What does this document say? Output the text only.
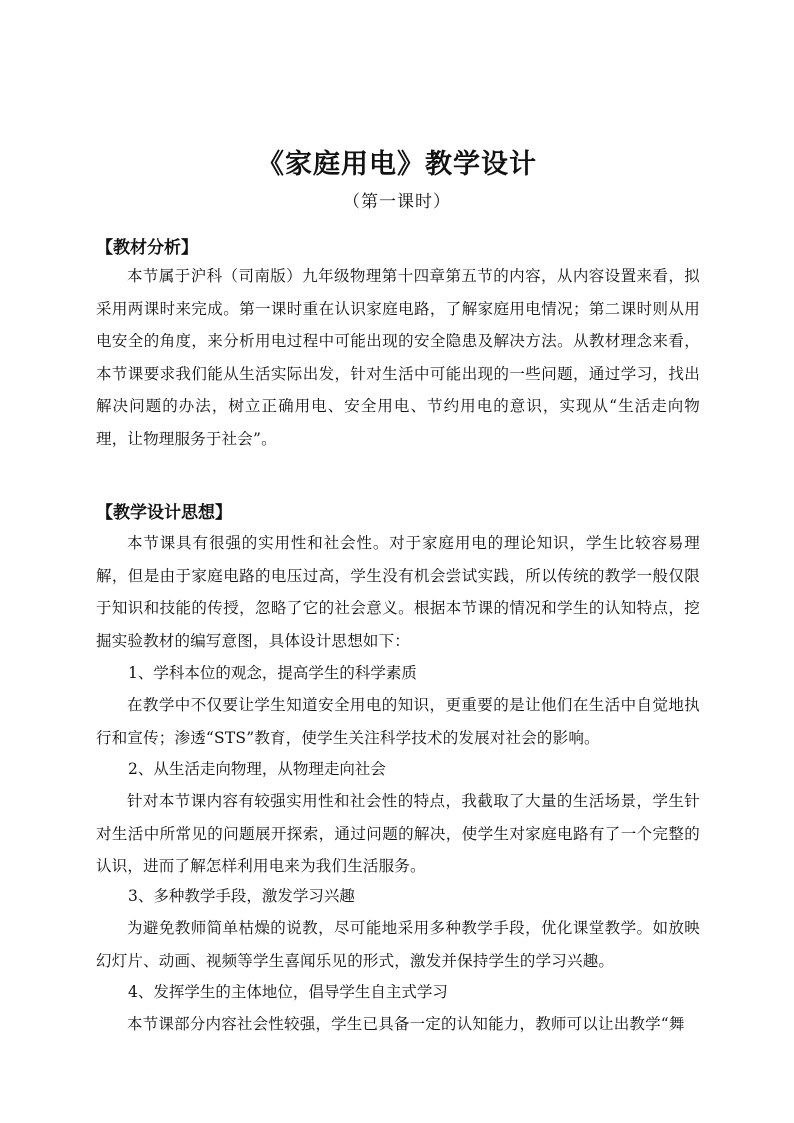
《家庭用电》教学设计
（第一课时）
【教材分析】
本节属于沪科（司南版）九年级物理第十四章第五节的内容，从内容设置来看，拟采用两课时来完成。第一课时重在认识家庭电路，了解家庭用电情况；第二课时则从用电安全的角度，来分析用电过程中可能出现的安全隐患及解决方法。从教材理念来看，本节课要求我们能从生活实际出发，针对生活中可能出现的一些问题，通过学习，找出解决问题的办法，树立正确用电、安全用电、节约用电的意识，实现从“生活走向物理，让物理服务于社会”。
【教学设计思想】
本节课具有很强的实用性和社会性。对于家庭用电的理论知识，学生比较容易理解，但是由于家庭电路的电压过高，学生没有机会尝试实践，所以传统的教学一般仅限于知识和技能的传授，忽略了它的社会意义。根据本节课的情况和学生的认知特点，挖掘实验教材的编写意图，具体设计思想如下：
1、学科本位的观念，提高学生的科学素质
在教学中不仅要让学生知道安全用电的知识，更重要的是让他们在生活中自觉地执行和宣传；渗透“STS”教育，使学生关注科学技术的发展对社会的影响。
2、从生活走向物理，从物理走向社会
针对本节课内容有较强实用性和社会性的特点，我截取了大量的生活场景，学生针对生活中所常见的问题展开探索，通过问题的解决，使学生对家庭电路有了一个完整的认识，进而了解怎样利用电来为我们生活服务。
3、多种教学手段，激发学习兴趣
为避免教师简单枯燥的说教，尽可能地采用多种教学手段，优化课堂教学。如放映幻灯片、动画、视频等学生喜闻乐见的形式，激发并保持学生的学习兴趣。
4、发挥学生的主体地位，倡导学生自主式学习
本节课部分内容社会性较强，学生已具备一定的认知能力，教师可以让出教学“舞
